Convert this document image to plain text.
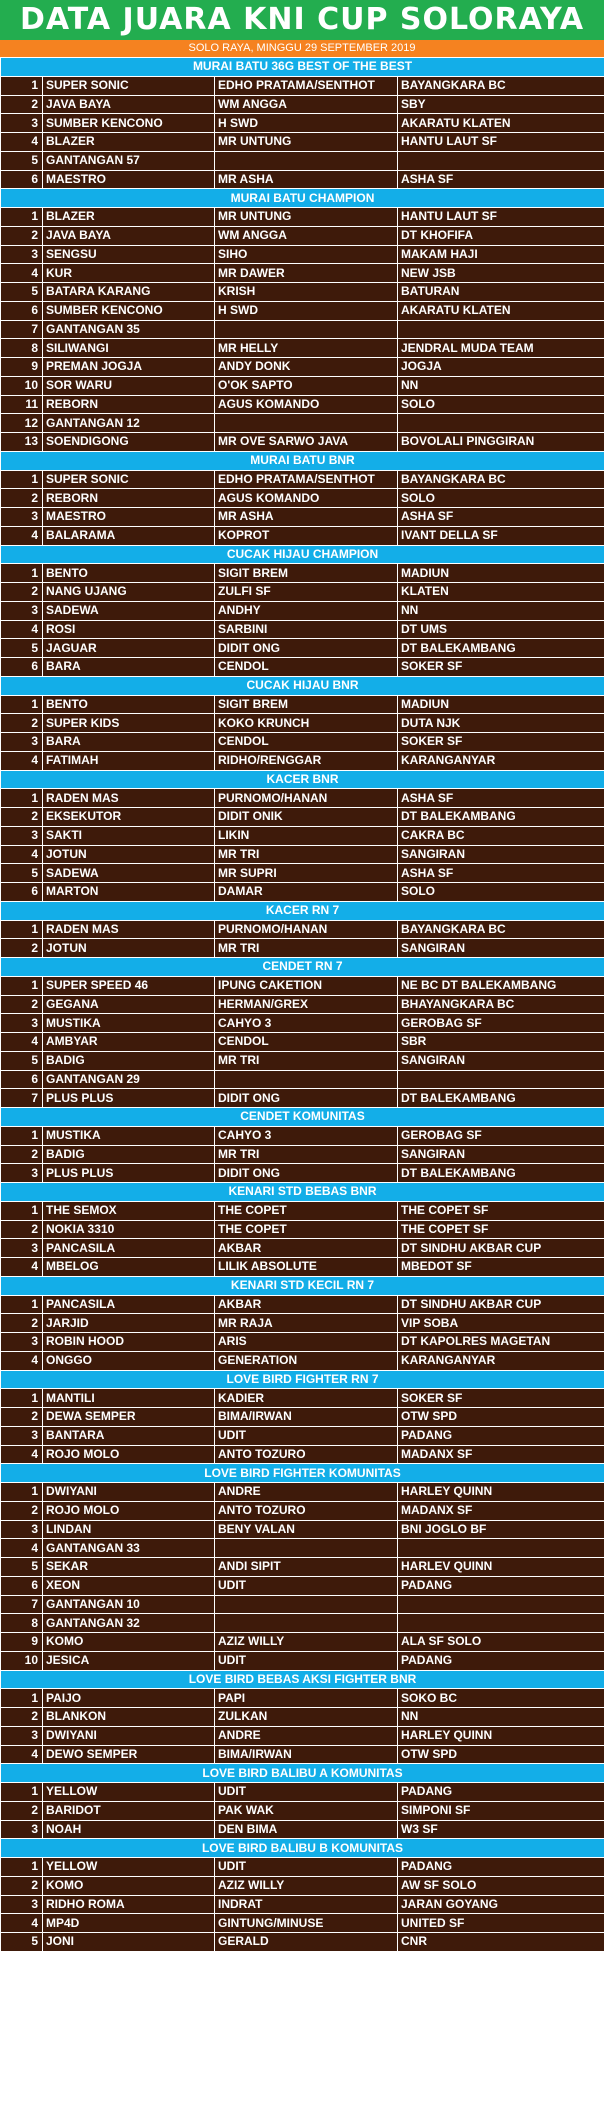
DATA JUARA KNI CUP SOLORAYA
SOLO RAYA, MINGGU 29 SEPTEMBER 2019
MURAI BATU 36G BEST OF THE BEST			
1	SUPER SONIC	EDHO PRATAMA/SENTHOT	BAYANGKARA BC
2	JAVA BAYA	WM ANGGA	SBY
3	SUMBER KENCONO	H SWD	AKARATU KLATEN
4	BLAZER	MR UNTUNG	HANTU LAUT SF
5	GANTANGAN 57		
6	MAESTRO	MR ASHA	ASHA SF
MURAI BATU CHAMPION			
1	BLAZER	MR UNTUNG	HANTU LAUT SF
2	JAVA BAYA	WM ANGGA	DT KHOFIFA
3	SENGSU	SIHO	MAKAM HAJI
4	KUR	MR DAWER	NEW JSB
5	BATARA KARANG	KRISH	BATURAN
6	SUMBER KENCONO	H SWD	AKARATU KLATEN
7	GANTANGAN 35		
8	SILIWANGI	MR HELLY	JENDRAL MUDA TEAM
9	PREMAN JOGJA	ANDY DONK	JOGJA
10	SOR WARU	O'OK SAPTO	NN
11	REBORN	AGUS KOMANDO	SOLO
12	GANTANGAN 12		
13	SOENDIGONG	MR OVE SARWO JAVA	BOVOLALI PINGGIRAN
MURAI BATU BNR			
1	SUPER SONIC	EDHO PRATAMA/SENTHOT	BAYANGKARA BC
2	REBORN	AGUS KOMANDO	SOLO
3	MAESTRO	MR ASHA	ASHA SF
4	BALARAMA	KOPROT	IVANT DELLA SF
CUCAK HIJAU CHAMPION			
1	BENTO	SIGIT BREM	MADIUN
2	NANG UJANG	ZULFI SF	KLATEN
3	SADEWA	ANDHY	NN
4	ROSI	SARBINI	DT UMS
5	JAGUAR	DIDIT ONG	DT BALEKAMBANG
6	BARA	CENDOL	SOKER SF
CUCAK HIJAU BNR			
1	BENTO	SIGIT BREM	MADIUN
2	SUPER KIDS	KOKO KRUNCH	DUTA NJK
3	BARA	CENDOL	SOKER SF
4	FATIMAH	RIDHO/RENGGAR	KARANGANYAR
KACER BNR			
1	RADEN MAS	PURNOMO/HANAN	ASHA SF
2	EKSEKUTOR	DIDIT ONIK	DT BALEKAMBANG
3	SAKTI	LIKIN	CAKRA BC
4	JOTUN	MR TRI	SANGIRAN
5	SADEWA	MR SUPRI	ASHA SF
6	MARTON	DAMAR	SOLO
KACER RN 7			
1	RADEN MAS	PURNOMO/HANAN	BAYANGKARA BC
2	JOTUN	MR TRI	SANGIRAN
CENDET RN 7			
1	SUPER SPEED 46	IPUNG CAKETION	NE BC DT BALEKAMBANG
2	GEGANA	HERMAN/GREX	BHAYANGKARA BC
3	MUSTIKA	CAHYO 3	GEROBAG SF
4	AMBYAR	CENDOL	SBR
5	BADIG	MR TRI	SANGIRAN
6	GANTANGAN 29		
7	PLUS PLUS	DIDIT ONG	DT BALEKAMBANG
CENDET KOMUNITAS			
1	MUSTIKA	CAHYO 3	GEROBAG SF
2	BADIG	MR TRI	SANGIRAN
3	PLUS PLUS	DIDIT ONG	DT BALEKAMBANG
KENARI STD BEBAS BNR			
1	THE SEMOX	THE COPET	THE COPET SF
2	NOKIA 3310	THE COPET	THE COPET SF
3	PANCASILA	AKBAR	DT SINDHU AKBAR CUP
4	MBELOG	LILIK ABSOLUTE	MBEDOT SF
KENARI STD KECIL RN 7			
1	PANCASILA	AKBAR	DT SINDHU AKBAR CUP
2	JARJID	MR RAJA	VIP SOBA
3	ROBIN HOOD	ARIS	DT KAPOLRES MAGETAN
4	ONGGO	GENERATION	KARANGANYAR
LOVE BIRD FIGHTER RN 7			
1	MANTILI	KADIER	SOKER SF
2	DEWA SEMPER	BIMA/IRWAN	OTW SPD
3	BANTARA	UDIT	PADANG
4	ROJO MOLO	ANTO TOZURO	MADANX SF
LOVE BIRD FIGHTER KOMUNITAS			
1	DWIYANI	ANDRE	HARLEY QUINN
2	ROJO MOLO	ANTO TOZURO	MADANX SF
3	LINDAN	BENY VALAN	BNI JOGLO BF
4	GANTANGAN 33		
5	SEKAR	ANDI SIPIT	HARLEV QUINN
6	XEON	UDIT	PADANG
7	GANTANGAN 10		
8	GANTANGAN 32		
9	KOMO	AZIZ WILLY	ALA SF SOLO
10	JESICA	UDIT	PADANG
LOVE BIRD BEBAS AKSI FIGHTER BNR			
1	PAIJO	PAPI	SOKO BC
2	BLANKON	ZULKAN	NN
3	DWIYANI	ANDRE	HARLEY QUINN
4	DEWO SEMPER	BIMA/IRWAN	OTW SPD
LOVE BIRD BALIBU A KOMUNITAS			
1	YELLOW	UDIT	PADANG
2	BARIDOT	PAK WAK	SIMPONI SF
3	NOAH	DEN BIMA	W3 SF
LOVE BIRD BALIBU B KOMUNITAS			
1	YELLOW	UDIT	PADANG
2	KOMO	AZIZ WILLY	AW SF SOLO
3	RIDHO ROMA	INDRAT	JARAN GOYANG
4	MP4D	GINTUNG/MINUSE	UNITED SF
5	JONI	GERALD	CNR
